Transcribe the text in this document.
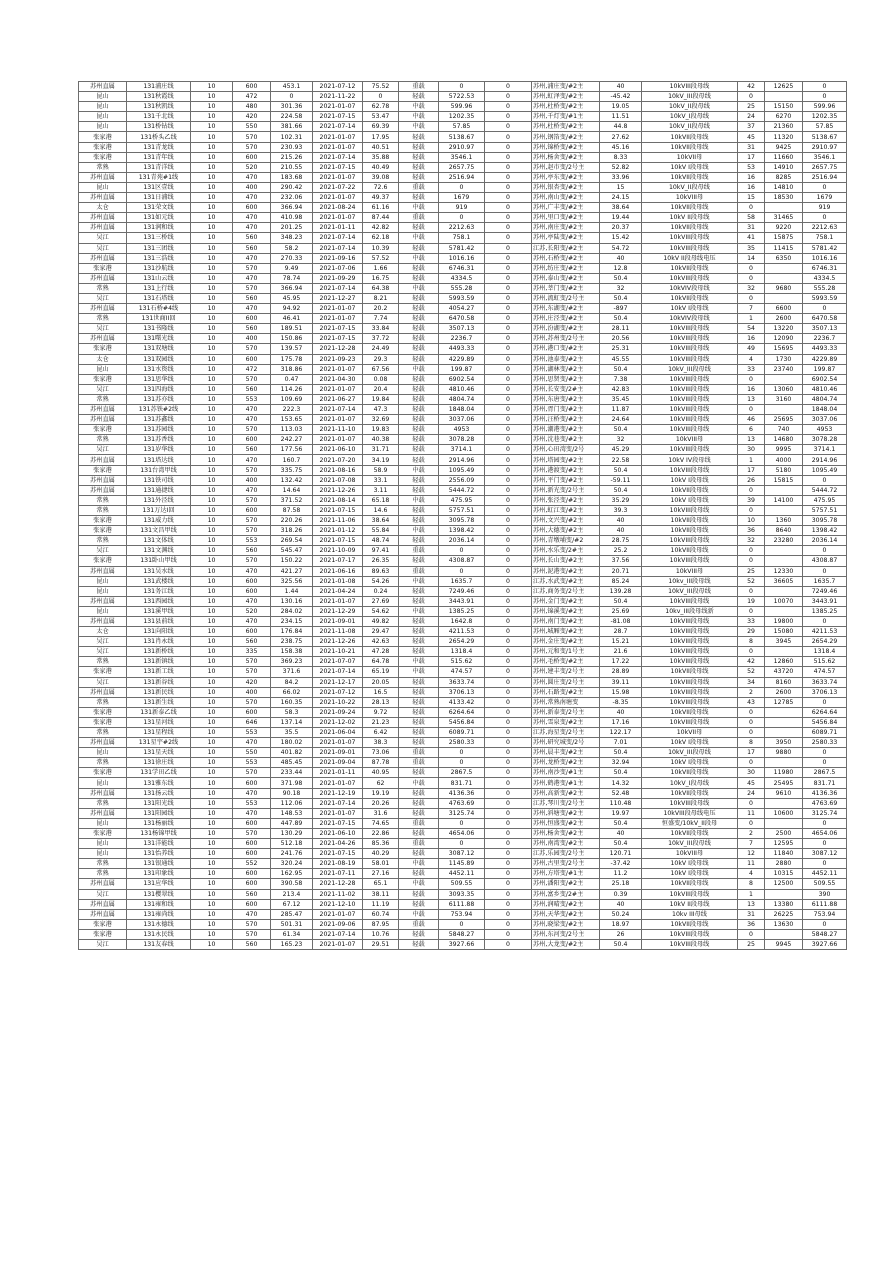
苏州直属	131浦庄线	10	600	453.1	2021-07-12	75.52	重载	0	0	苏州,浦庄变/#2主	40	10kVIII段母线	42	12625	0
昆山	131秋霞线	10	472	0	2021-11-22	0	轻载	5722.53	0	苏州,虹泽变/#2主	-45.42	10kV_III段母线	0		0
昆山	131秋凯线	10	480	301.36	2021-01-07	62.78	中载	599.96	0	苏州,杜桥变/#2主	19.05	10kV_II段母线	25	15150	599.96
昆山	131千北线	10	420	224.58	2021-07-15	53.47	中载	1202.35	0	苏州,千灯变/#1主	11.51	10kV_I段母线	24	6270	1202.35
昆山	131桥钻线	10	550	381.66	2021-07-14	69.39	中载	57.85	0	苏州,杜桥变/#2主	44.8	10kV_II段母线	37	21360	57.85
张家港	131桥头乙线	10	570	102.31	2021-01-07	17.95	轻载	5138.67	0	苏州,钢箔变/#2主	27.62	10kVII段母线	45	11320	5138.67
张家港	131青龙线	10	570	230.93	2021-01-07	40.51	轻载	2910.97	0	苏州,锦桥变/#2主	45.16	10kVII段母线	31	9425	2910.97
张家港	131青年线	10	600	215.26	2021-07-14	35.88	轻载	3546.1	0	苏州,杨舍变/#2主	8.33	10kVII母	17	11660	3546.1
常熟	131青洋线	10	520	210.55	2021-07-15	40.49	轻载	2657.75	0	苏州,赵市变/2号主	52.82	10kV I段母线	53	14910	2657.75
苏州直属	131青苑#1线	10	470	183.68	2021-01-07	39.08	轻载	2516.94	0	苏州,亭东变/#2主	33.96	10kVII段母线	16	8285	2516.94
昆山	131区壹线	10	400	290.42	2021-07-22	72.6	重载	0	0	苏州,银杏变/#2主	15	10kV_II段母线	16	14810	0
苏州直属	131日浦线	10	470	232.06	2021-01-07	49.37	轻载	1679	0	苏州,南山变/#2主	24.15	10kVIII母	15	18530	1679
太仓	131荣文线	10	600	366.94	2021-08-24	61.16	中载	919	0	苏州,广丰变/#2主	38.64	10kVII段母线	0		919
苏州直属	131如元线	10	470	410.98	2021-01-07	87.44	重载	0	0	苏州,里口变/#2主	19.44	10kV II段母线	58	31465	0
苏州直属	131润和线	10	470	201.25	2021-01-11	42.82	轻载	2212.63	0	苏州,南庄变/#2主	20.37	10kVII段母线	31	9220	2212.63
吴江	131三桥线	10	560	348.23	2021-07-14	62.18	中载	758.1	0	苏州,亭陆变/#2主	15.42	10kVIII段母线	41	15875	758.1
吴江	131三团线	10	560	58.2	2021-07-14	10.39	轻载	5781.42	0	江苏,长阳变/#2主	54.72	10kVIII段母线	35	11415	5781.42
苏州直属	131三浩线	10	470	270.33	2021-09-16	57.52	中载	1016.16	0	苏州,石桥变/#2主	40	10kV II段母线电压	14	6350	1016.16
张家港	131沙航线	10	570	9.49	2021-07-06	1.66	轻载	6746.31	0	苏州,纺庄变/#2主	12.8	10kVII段母线	0		6746.31
苏州直属	131山云线	10	470	78.74	2021-09-29	16.75	轻载	4334.5	0	苏州,泰山变/#2主	50.4	10kVIII段母线	0		4334.5
常熟	131上行线	10	570	366.94	2021-07-14	64.38	中载	555.28	0	苏州,莘门变/#2主	32	10kVIV段母线	32	9680	555.28
吴江	131石塔线	10	560	45.95	2021-12-27	8.21	轻载	5993.59	0	苏州,流虹变/2号主	50.4	10kVII段母线	0		5993.59
苏州直属	131石桥#4线	10	470	94.92	2021-01-07	20.2	轻载	4054.27	0	苏州,东湖变/#2主	-897	10kV I段母线	7	6600	0
常熟	131世商II回	10	600	46.41	2021-01-07	7.74	轻载	6470.58	0	苏州,庄泾变/#2主	50.4	10kVIV段母线	1	2600	6470.58
吴江	131书隆线	10	560	189.51	2021-07-15	33.84	轻载	3507.13	0	苏州,汾湖变/#2主	28.11	10kVIII段母线	54	13220	3507.13
苏州直属	131曙光线	10	400	150.86	2021-07-15	37.72	轻载	2236.7	0	苏州,苏州变/2号主	20.56	10kVIII段母线	16	12090	2236.7
张家港	131双塘线	10	570	139.57	2021-12-28	24.49	轻载	4493.33	0	苏州,港口变/#2主	25.31	10kVIII段母线	49	15695	4493.33
太仓	131双园线	10	600	175.78	2021-09-23	29.3	轻载	4229.89	0	苏州,池泰变/#2主	45.55	10kVIII段母线	4	1730	4229.89
昆山	131水资线	10	472	318.86	2021-01-07	67.56	中载	199.87	0	苏州,湖林变/#2主	50.4	10kV_III段母线	33	23740	199.87
张家港	131思华线	10	570	0.47	2021-04-30	0.08	轻载	6902.54	0	苏州,思贤变/#2主	7.38	10kVIII段母线	0		6902.54
吴江	131四海线	10	560	114.26	2021-01-07	20.4	轻载	4810.46	0	苏州,长安变/2#主	42.83	10kVIII段母线	16	13060	4810.46
常熟	131苏亦线	10	553	109.69	2021-06-27	19.84	轻载	4804.74	0	苏州,东唐变/#2主	35.45	10kVIII段母线	13	3160	4804.74
苏州直属	131苏铁#2线	10	470	222.3	2021-07-14	47.3	轻载	1848.04	0	苏州,胥门变/#2主	11.87	10kVIII段母线	0		1848.04
苏州直属	131苏鑫线	10	470	153.65	2021-01-07	32.69	轻载	3037.06	0	苏州,汪桥变/#2主	24.64	10kVIII段母线	46	25695	3037.06
张家港	131苏园线	10	570	113.03	2021-11-10	19.83	轻载	4953	0	苏州,潮港变/#2主	50.4	10kVIII段母线	6	740	4953
常熟	131苏香线	10	600	242.27	2021-01-07	40.38	轻载	3078.28	0	苏州,沈巷变/#2主	32	10kVIII母	13	14680	3078.28
吴江	131岁华线	10	560	177.56	2021-06-10	31.71	轻载	3714.1	0	苏州,心田湾变/2号	45.29	10kVIII段母线	30	9995	3714.1
苏州直属	131塔达线	10	470	160.7	2021-07-20	34.19	轻载	2914.96	0	苏州,塔园变/#2主	22.58	10kV IV段母线	1	4000	2914.96
张家港	131台湾甲线	10	570	335.75	2021-08-16	58.9	中载	1095.49	0	苏州,港渡变/#2主	50.4	10kVIII段母线	17	5180	1095.49
苏州直属	131铁司线	10	400	132.42	2021-07-08	33.1	轻载	2556.09	0	苏州,平门变/#2主	-59.11	10kV I段母线	26	15815	0
苏州直属	131通捷线	10	470	14.64	2021-12-26	3.11	轻载	5444.72	0	苏州,新光变/2号主	50.4	10kVII段母线	0		5444.72
常熟	131外泾线	10	570	371.52	2021-08-14	65.18	中载	475.95	0	苏州,张泾变/#2主	35.29	10kV I段母线	39	14100	475.95
常熟	131万达I回	10	600	87.58	2021-07-15	14.6	轻载	5757.51	0	苏州,虹江变/#2主	39.3	10kVIII段母线	0		5757.51
张家港	131威力线	10	570	220.26	2021-11-06	38.64	轻载	3095.78	0	苏州,文兴变/#2主	40	10kVII段母线	10	1360	3095.78
张家港	131文昌甲线	10	570	318.26	2021-01-12	55.84	中载	1398.42	0	苏州,大德变/#2主	40	10kVII段母线	36	8640	1398.42
常熟	131文体线	10	553	269.54	2021-07-15	48.74	轻载	2036.14	0	苏州,青墩埔变/#2	28.75	10kVIII段母线	32	23280	2036.14
吴江	131文渊线	10	560	545.47	2021-10-09	97.41	重载	0	0	苏州,水乐变/2#主	25.2	10kVII段母线	0		0
张家港	131卧山甲线	10	570	150.22	2021-07-17	26.35	轻载	4308.87	0	苏州,长山变/#2主	37.56	10kVIII段母线	0		4308.87
苏州直属	131吴水线	10	470	421.27	2021-06-16	89.63	重载	0	0	苏州,泥港变/#2主	20.71	10kVIII母	25	12330	0
昆山	131武楼线	10	600	325.56	2021-01-08	54.26	中载	1635.7	0	江苏,水武变/#2主	85.24	10kv_III段母线	52	36605	1635.7
昆山	131务江线	10	600	1.44	2021-04-24	0.24	轻载	7249.46	0	江苏,商务变/2号主	139.28	10kV_III段母线	0		7249.46
苏州直属	131西园线	10	470	130.16	2021-01-07	27.69	轻载	3443.91	0	苏州,金门变/#2主	50.4	10kVIII段母线	19	10070	3443.91
昆山	131溪甲线	10	520	284.02	2021-12-29	54.62	中载	1385.25	0	苏州,锦溪变/#2主	25.69	10kv_III段母线新	0		1385.25
苏州直属	131县前线	10	470	234.15	2021-09-01	49.82	轻载	1642.8	0	苏州,南门变/#2主	-81.08	10kVIII段母线	33	19800	0
太仓	131向阳线	10	600	176.84	2021-11-08	29.47	轻载	4211.53	0	苏州,城厢变/#2主	28.7	10kVIII段母线	29	15080	4211.53
吴江	131肖永线	10	560	238.75	2021-12-26	42.63	轻载	2654.29	0	苏州,金庄变/#2主	15.21	10kVIII段母线	8	3945	2654.29
吴江	131新桥线	10	335	158.38	2021-10-21	47.28	轻载	1318.4	0	苏州,元和变/1号主	21.6	10kVIII段母线	0		1318.4
常熟	131新镇线	10	570	369.23	2021-07-07	64.78	中载	515.62	0	苏州,毛桥变/#2主	17.22	10kVIII段母线	42	12860	515.62
张家港	131新工线	10	570	371.6	2021-07-14	65.19	中载	474.57	0	苏州,建丰变/2号主	28.89	10kVII段母线	52	43720	474.57
吴江	131新谷线	10	420	84.2	2021-12-17	20.05	轻载	3633.74	0	苏州,圆庄变/2号主	39.11	10kVIII段母线	34	8160	3633.74
苏州直属	131新民线	10	400	66.02	2021-07-12	16.5	轻载	3706.13	0	苏州,石路变/#2主	15.98	10kVIII段母线	2	2600	3706.13
常熟	131新生线	10	570	160.35	2021-10-22	28.13	轻载	4133.42	0	苏州,常熟南塘变	-8.35	10kVIII段母线	43	12785	0
张家港	131新泰乙线	10	600	58.3	2021-09-24	9.72	轻载	6264.64	0	苏州,新泰变/2号主	40	10kVII段母线	0		6264.64
张家港	131星河线	10	646	137.14	2021-12-02	21.23	轻载	5456.84	0	苏州,雪泉变/#2主	17.16	10kVIII段母线	0		5456.84
常熟	131星程线	10	553	35.5	2021-06-04	6.42	轻载	6089.71	0	江苏,海星变/2号主	122.17	10kVII母	0		6089.71
苏州直属	131星宇#2线	10	470	180.02	2021-01-07	38.3	轻载	2580.33	0	苏州,研究城变/2号	7.01	10kV I段母线	8	3950	2580.33
昆山	131星天线	10	550	401.82	2021-09-01	73.06	重载	0	0	苏州,晨丰变/#2主	50.4	10kV_III段母线	17	9880	0
常熟	131徐庄线	10	553	485.45	2021-09-04	87.78	重载	0	0	苏州,龙桥变/#2主	32.94	10kV I段母线	0		0
张家港	131学田乙线	10	570	233.44	2021-01-11	40.95	轻载	2867.5	0	苏州,南沙变/#1主	50.4	10kVII段母线	30	11980	2867.5
昆山	131雅东线	10	600	371.98	2021-01-07	62	中载	831.71	0	苏州,鹤港变/#1主	14.32	10kV_I段母线	45	25495	831.71
苏州直属	131扬云线	10	470	90.18	2021-12-19	19.19	轻载	4136.36	0	苏州,高新变/#2主	52.48	10kVII段母线	24	9610	4136.36
常熟	131阳光线	10	553	112.06	2021-07-14	20.26	轻载	4763.69	0	江苏,琴川变/2号主	110.48	10kVIII段母线	0		4763.69
苏州直属	131阳园线	10	470	148.53	2021-01-07	31.6	轻载	3125.74	0	苏州,斜塘变/#2主	19.97	10kVIII段母线电压	11	10600	3125.74
昆山	131杨丽线	10	600	447.89	2021-07-15	74.65	重载	0	0	苏州,恒盛变/#2主	50.4	恒盛变/10kV_II段母	0		0
张家港	131杨锦甲线	10	570	130.29	2021-06-10	22.86	轻载	4654.06	0	苏州,杨舍变/#2主	40	10kVII段母线	2	2500	4654.06
昆山	131洋能线	10	600	512.18	2021-04-26	85.36	重载	0	0	苏州,南湾变/#2主	50.4	10kV_III段母线	7	12595	0
昆山	131怡养线	10	600	241.76	2021-07-15	40.29	轻载	3087.12	0	江苏,乐园变/2号主	120.71	10kVIII母	12	11840	3087.12
常熟	131银通线	10	552	320.24	2021-08-19	58.01	中载	1145.89	0	苏州,古里变/2号主	-37.42	10kV I段母线	11	2880	0
常熟	131印象线	10	600	162.95	2021-07-11	27.16	轻载	4452.11	0	苏州,方塔变/#1主	11.2	10kV I段母线	4	10315	4452.11
苏州直属	131应华线	10	600	390.58	2021-12-28	65.1	中载	509.55	0	苏州,潘阳变/#2主	25.18	10kVII段母线	8	12500	509.55
吴江	131樱翠线	10	560	213.4	2021-11-02	38.11	轻载	3093.35	0	苏州,富乡变/2#主	0.39	10kVIII段母线	1		390
苏州直属	131雍和线	10	600	67.12	2021-12-10	11.19	轻载	6111.88	0	苏州,润晴变/#2主	40	10kV II段母线	13	13380	6111.88
苏州直属	131雍尚线	10	470	285.47	2021-01-07	60.74	中载	753.94	0	苏州,天华变/#2主	50.24	10kv III母线	31	26225	753.94
张家港	131永德线	10	570	501.31	2021-09-06	87.95	重载	0	0	苏州,晓梁变/#2主	18.97	10kVII段母线	36	13630	0
张家港	131永民线	10	570	61.34	2021-07-14	10.76	轻载	5848.27	0	苏州,东河变/2号主	26	10kVIII段母线	0		5848.27
吴江	131友春线	10	560	165.23	2021-01-07	29.51	轻载	3927.66	0	苏州,大龙变/#2主	50.4	10kVIII段母线	25	9945	3927.66
